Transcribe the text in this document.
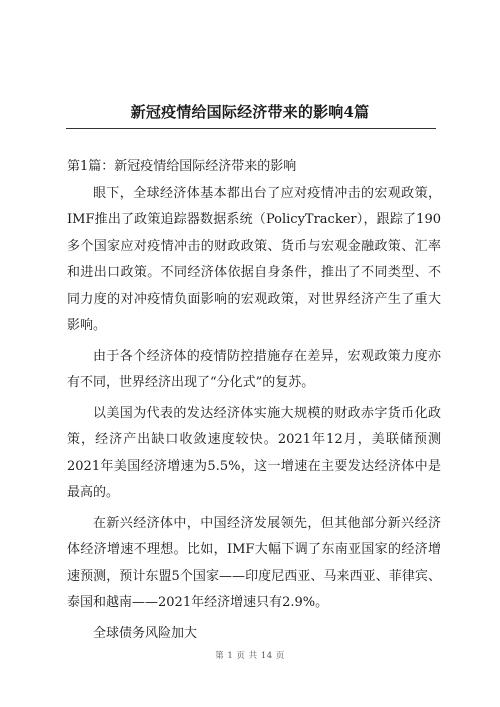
新冠疫情给国际经济带来的影响4篇

第1篇：新冠疫情给国际经济带来的影响

眼下，全球经济体基本都出台了应对疫情冲击的宏观政策，IMF推出了政策追踪器数据系统（PolicyTracker），跟踪了190多个国家应对疫情冲击的财政政策、货币与宏观金融政策、汇率和进出口政策。不同经济体依据自身条件，推出了不同类型、不同力度的对冲疫情负面影响的宏观政策，对世界经济产生了重大影响。

由于各个经济体的疫情防控措施存在差异，宏观政策力度亦有不同，世界经济出现了“分化式”的复苏。

以美国为代表的发达经济体实施大规模的财政赤字货币化政策，经济产出缺口收敛速度较快。2021年12月，美联储预测2021年美国经济增速为5.5%，这一增速在主要发达经济体中是最高的。

在新兴经济体中，中国经济发展领先，但其他部分新兴经济体经济增速不理想。比如，IMF大幅下调了东南亚国家的经济增速预测，预计东盟5个国家——印度尼西亚、马来西亚、菲律宾、泰国和越南——2021年经济增速只有2.9%。

全球债务风险加大

第 1 页 共 14 页
